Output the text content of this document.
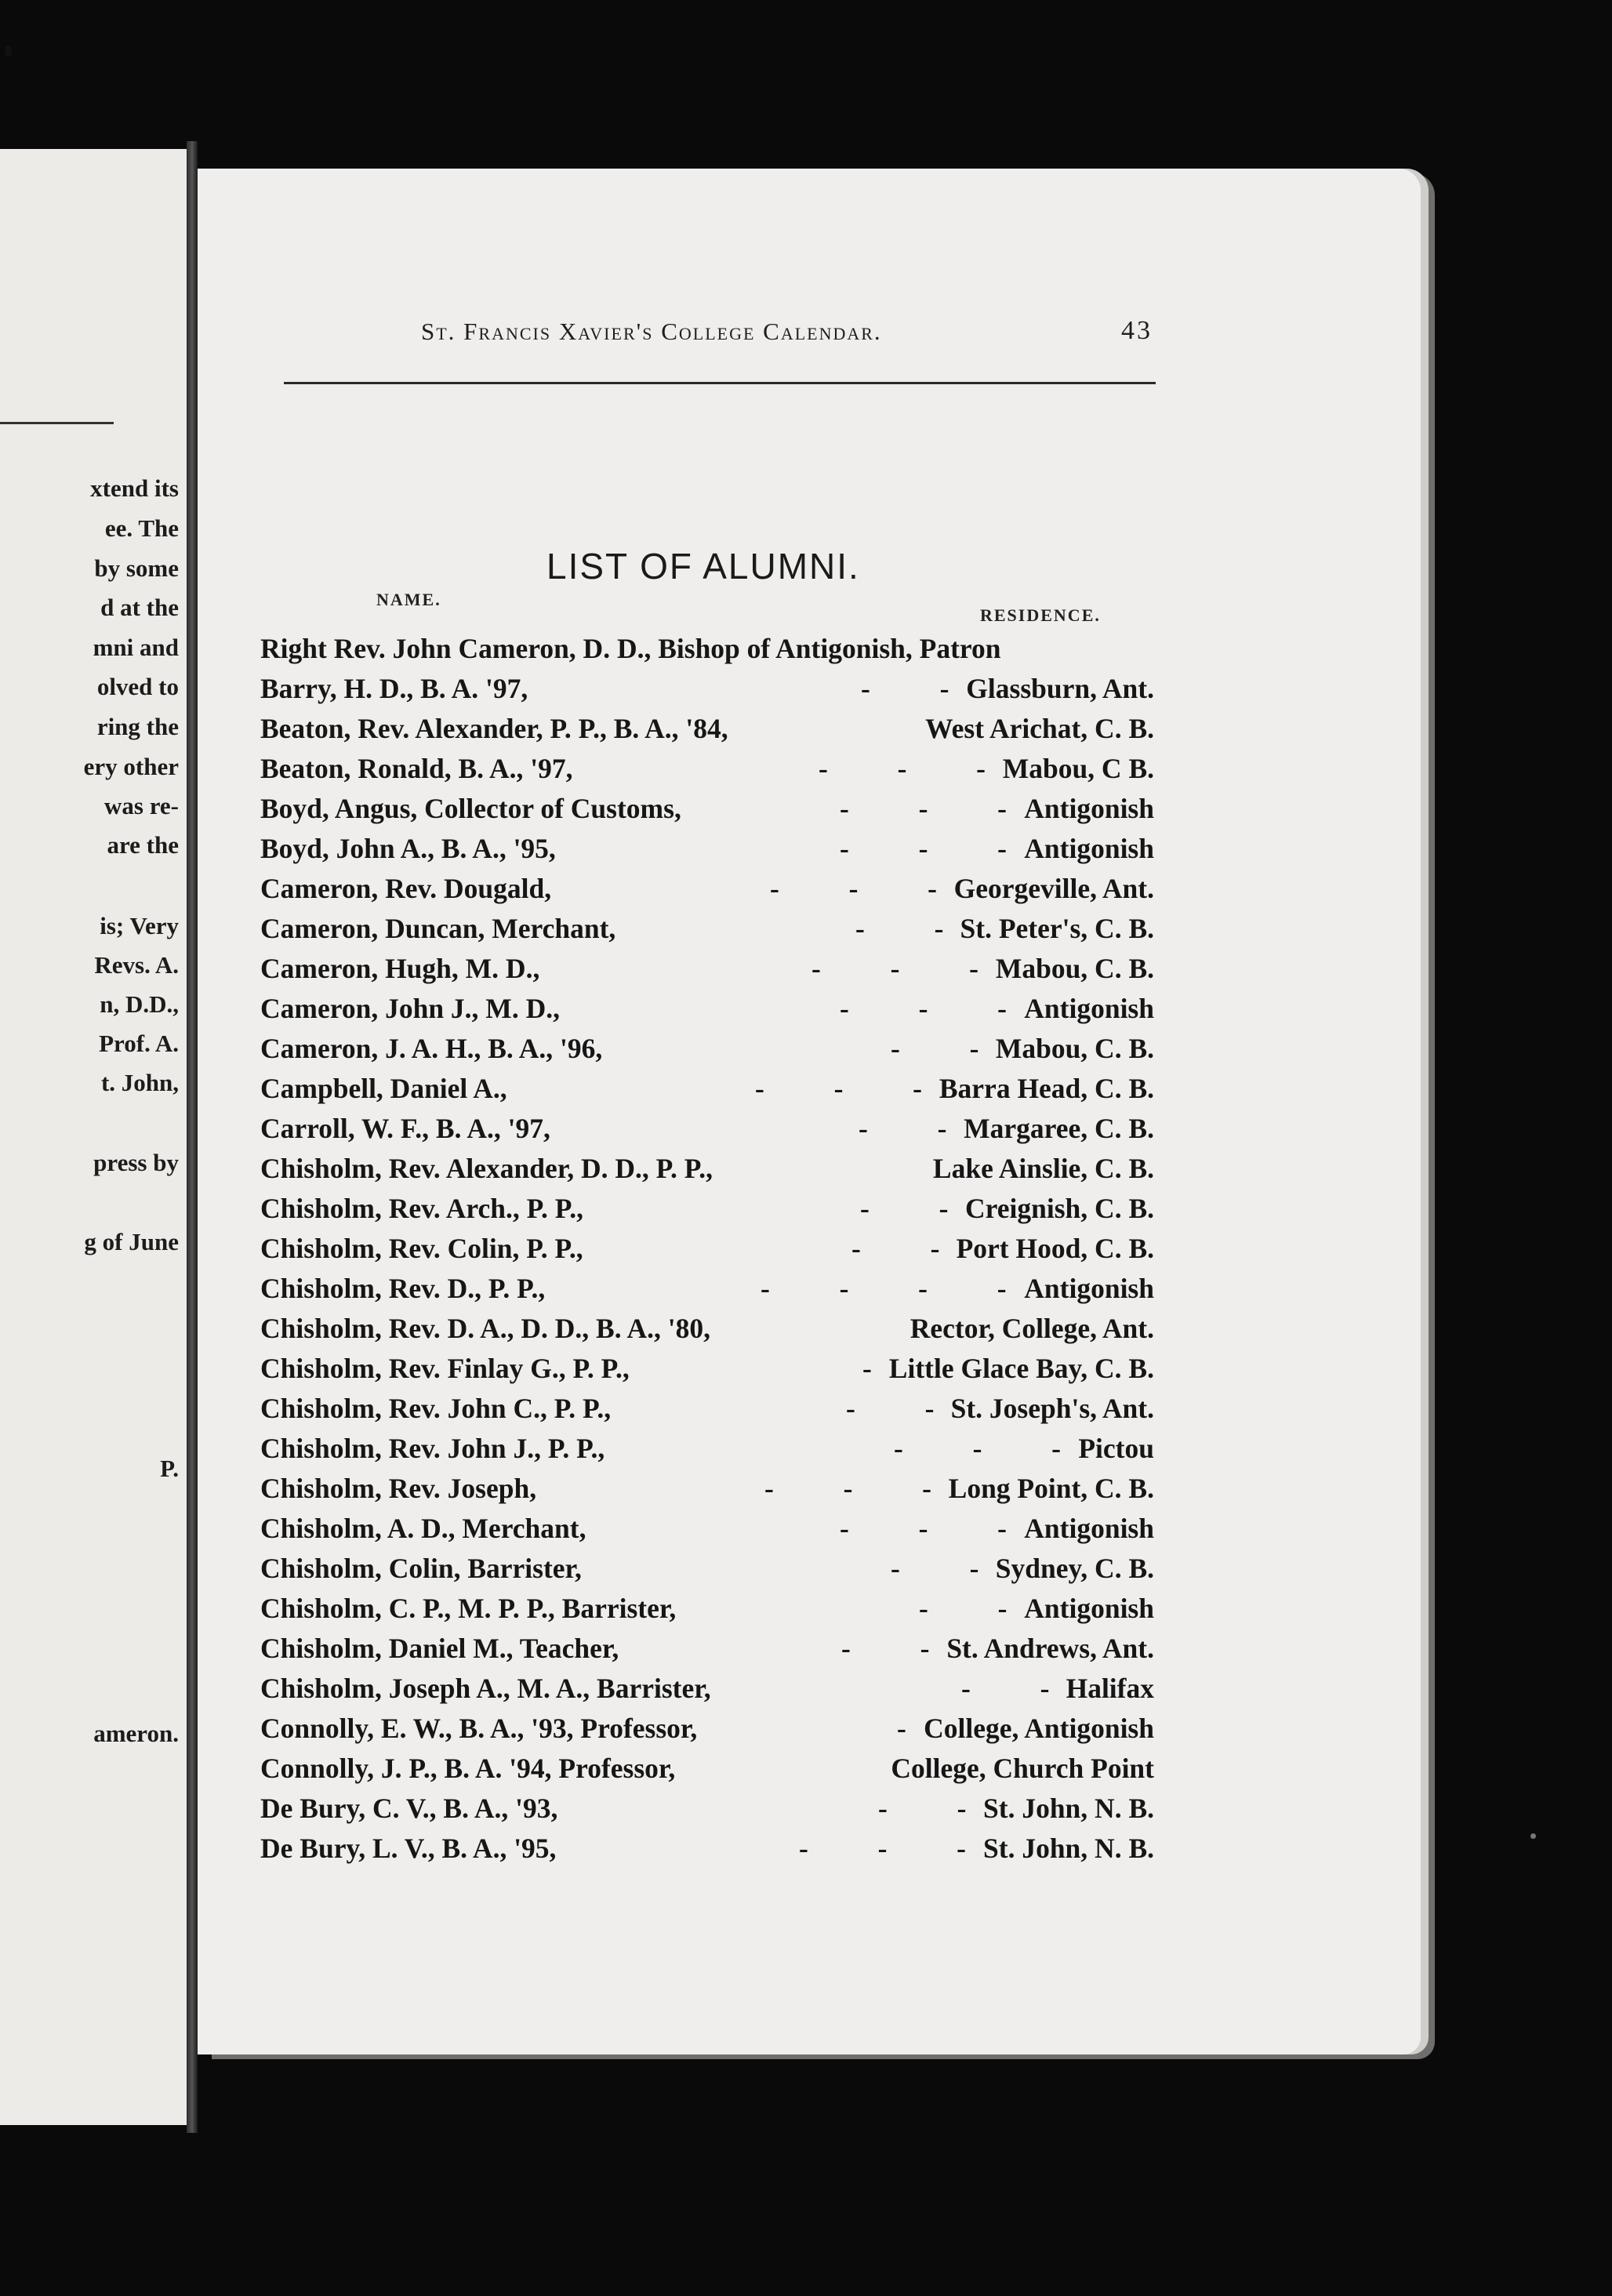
xtend its
ee. The
by some
d at the
mni and
olved to
ring the
ery other
was re-
are the
is; Very
Revs. A.
n, D.D.,
Prof. A.
t. John,
press by
g of June
P.
ameron.
St. Francis Xavier's College Calendar.	43
LIST OF ALUMNI.
NAME.
RESIDENCE.
Right Rev. John Cameron, D. D., Bishop of Antigonish, Patron
Barry, H. D., B. A. '97,	-          - Glassburn, Ant.
Beaton, Rev. Alexander, P. P., B. A., '84,	West Arichat, C. B.
Beaton, Ronald, B. A., '97,	-          -          - Mabou, C B.
Boyd, Angus, Collector of Customs,	-          -          - Antigonish
Boyd, John A., B. A., '95,	-          -          - Antigonish
Cameron, Rev. Dougald,	-          -          - Georgeville, Ant.
Cameron, Duncan, Merchant,	-          - St. Peter's, C. B.
Cameron, Hugh, M. D.,	-          -          - Mabou, C. B.
Cameron, John J., M. D.,	-          -          - Antigonish
Cameron, J. A. H., B. A., '96,	-          - Mabou, C. B.
Campbell, Daniel A.,	-          -          - Barra Head, C. B.
Carroll, W. F., B. A., '97,	-          - Margaree, C. B.
Chisholm, Rev. Alexander, D. D., P. P.,	Lake Ainslie, C. B.
Chisholm, Rev. Arch., P. P.,	-          - Creignish, C. B.
Chisholm, Rev. Colin, P. P.,	-          - Port Hood, C. B.
Chisholm, Rev. D., P. P.,	-          -          -          - Antigonish
Chisholm, Rev. D. A., D. D., B. A., '80,	Rector, College, Ant.
Chisholm, Rev. Finlay G., P. P.,	- Little Glace Bay, C. B.
Chisholm, Rev. John C., P. P.,	-          - St. Joseph's, Ant.
Chisholm, Rev. John J., P. P.,	-          -          - Pictou
Chisholm, Rev. Joseph,	-          -          - Long Point, C. B.
Chisholm, A. D., Merchant,	-          -          - Antigonish
Chisholm, Colin, Barrister,	-          - Sydney, C. B.
Chisholm, C. P., M. P. P., Barrister,	-          - Antigonish
Chisholm, Daniel M., Teacher,	-          - St. Andrews, Ant.
Chisholm, Joseph A., M. A., Barrister,	-          - Halifax
Connolly, E. W., B. A., '93, Professor,	- College, Antigonish
Connolly, J. P., B. A. '94, Professor,	College, Church Point
De Bury, C. V., B. A., '93,	-          - St. John, N. B.
De Bury, L. V., B. A., '95,	-          -          - St. John, N. B.
